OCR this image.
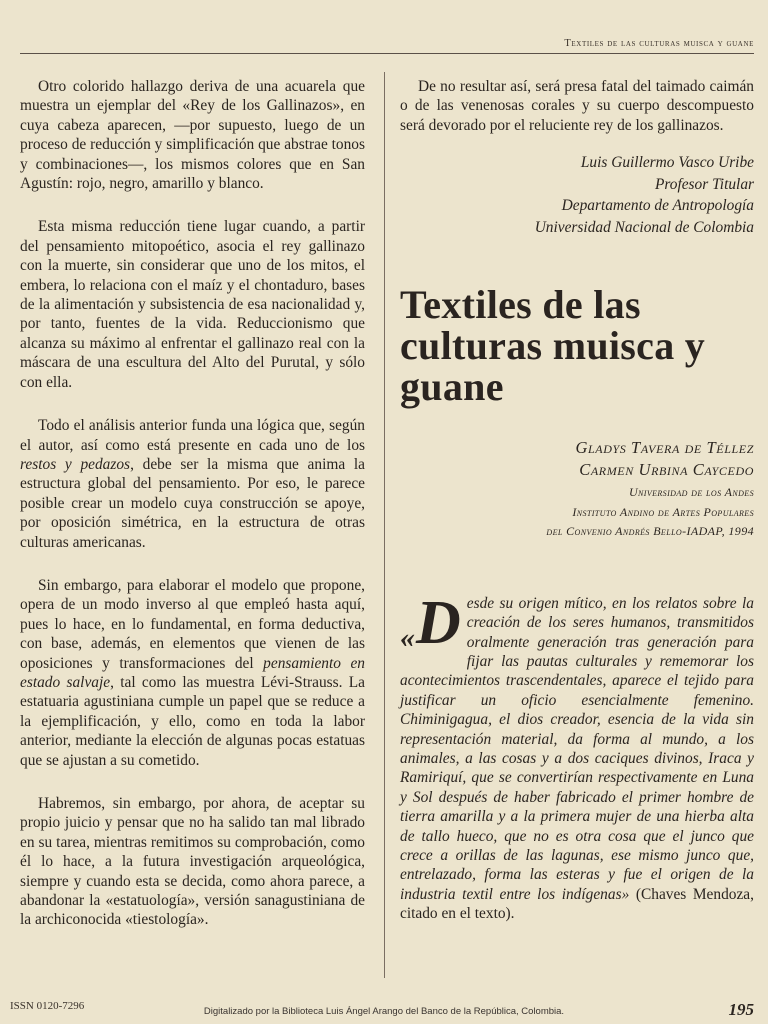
Textiles de las culturas muisca y guane

Otro colorido hallazgo deriva de una acuarela que muestra un ejemplar del «Rey de los Gallinazos», en cuya cabeza aparecen, —por supuesto, luego de un proceso de reducción y simplificación que abstrae tonos y combinaciones—, los mismos colores que en San Agustín: rojo, negro, amarillo y blanco.

Esta misma reducción tiene lugar cuando, a partir del pensamiento mitopoético, asocia el rey gallinazo con la muerte, sin considerar que uno de los mitos, el embera, lo relaciona con el maíz y el chontaduro, bases de la alimentación y subsistencia de esa nacionalidad y, por tanto, fuentes de la vida. Reduccionismo que alcanza su máximo al enfrentar el gallinazo real con la máscara de una escultura del Alto del Purutal, y sólo con ella.

Todo el análisis anterior funda una lógica que, según el autor, así como está presente en cada uno de los restos y pedazos, debe ser la misma que anima la estructura global del pensamiento. Por eso, le parece posible crear un modelo cuya construcción se apoye, por oposición simétrica, en la estructura de otras culturas americanas.

Sin embargo, para elaborar el modelo que propone, opera de un modo inverso al que empleó hasta aquí, pues lo hace, en lo fundamental, en forma deductiva, con base, además, en elementos que vienen de las oposiciones y transformaciones del pensamiento en estado salvaje, tal como las muestra Lévi-Strauss. La estatuaria agustiniana cumple un papel que se reduce a la ejemplificación, y ello, como en toda la labor anterior, mediante la elección de algunas pocas estatuas que se ajustan a su cometido.

Habremos, sin embargo, por ahora, de aceptar su propio juicio y pensar que no ha salido tan mal librado en su tarea, mientras remitimos su comprobación, como él lo hace, a la futura investigación arqueológica, siempre y cuando esta se decida, como ahora parece, a abandonar la «estatuología», versión sanagustiniana de la archiconocida «tiestología».

De no resultar así, será presa fatal del taimado caimán o de las venenosas corales y su cuerpo descompuesto será devorado por el reluciente rey de los gallinazos.

Luis Guillermo Vasco Uribe
Profesor Titular
Departamento de Antropología
Universidad Nacional de Colombia
Textiles de las culturas muisca y guane
Gladys Tavera de Téllez
Carmen Urbina Caycedo
Universidad de los Andes
Instituto Andino de Artes Populares
del Convenio Andrés Bello-IADAP, 1994
«D esde su origen mítico, en los relatos sobre la creación de los seres humanos, transmitidos oralmente generación tras generación para fijar las pautas culturales y rememorar los acontecimientos trascendentales, aparece el tejido para justificar un oficio esencialmente femenino. Chiminigagua, el dios creador, esencia de la vida sin representación material, da forma al mundo, a los animales, a las cosas y a dos caciques divinos, Iraca y Ramiriquí, que se convertirían respectivamente en Luna y Sol después de haber fabricado el primer hombre de tierra amarilla y a la primera mujer de una hierba alta de tallo hueco, que no es otra cosa que el junco que crece a orillas de las lagunas, ese mismo junco que, entrelazado, forma las esteras y fue el origen de la industria textil entre los indígenas» (Chaves Mendoza, citado en el texto).
ISSN 0120-7296	Digitalizado por la Biblioteca Luis Ángel Arango del Banco de la República, Colombia.	195
